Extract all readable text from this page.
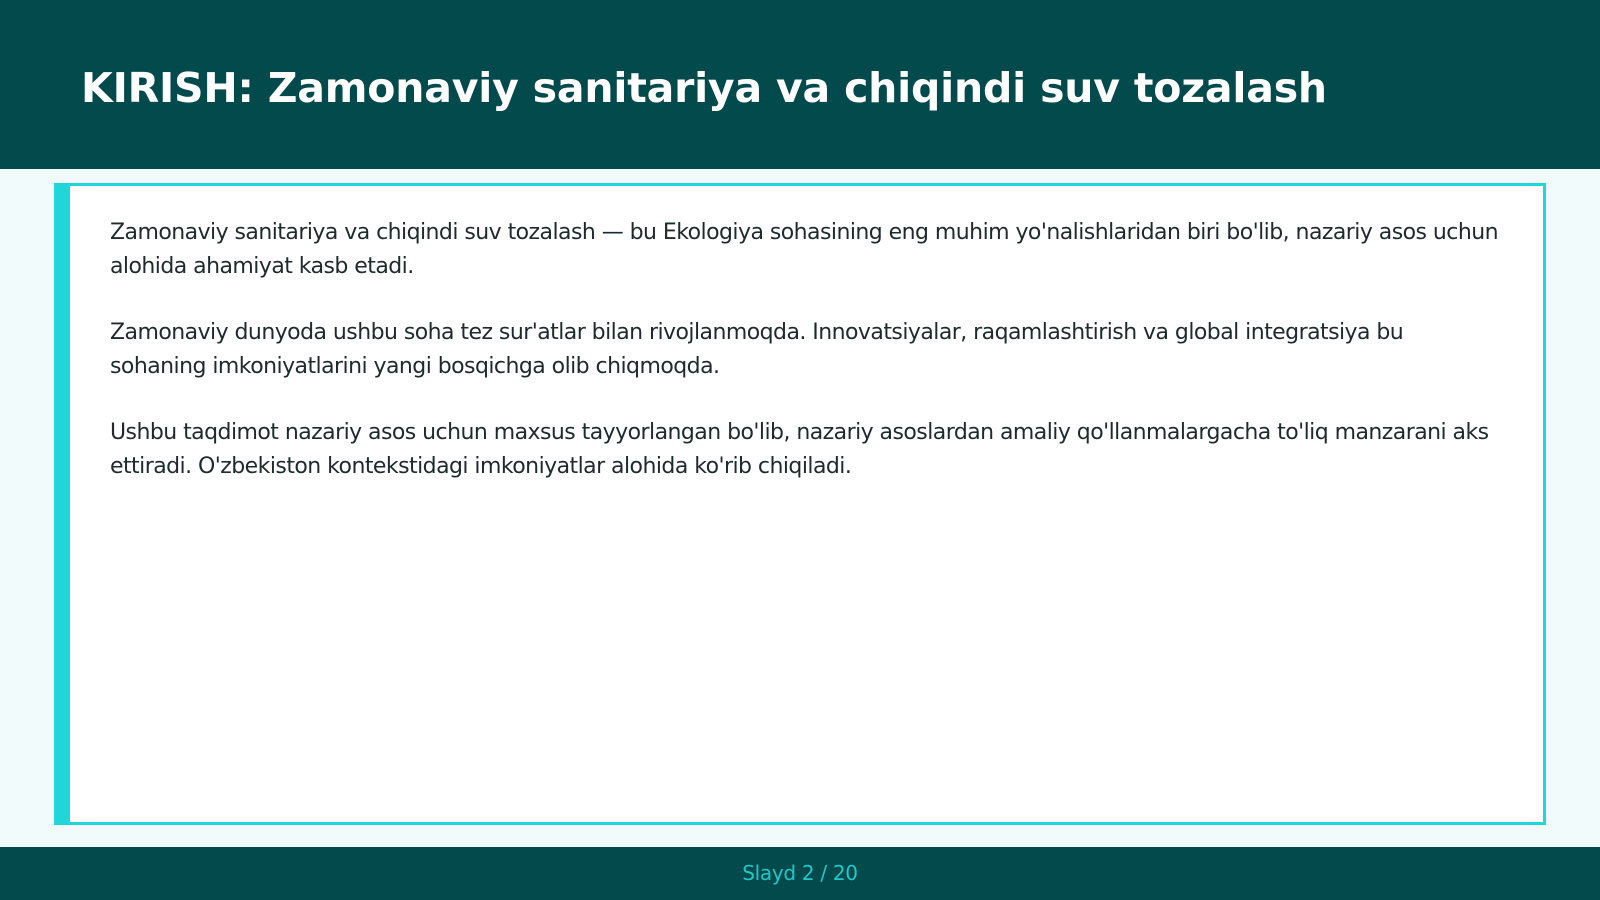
KIRISH: Zamonaviy sanitariya va chiqindi suv tozalash

Zamonaviy sanitariya va chiqindi suv tozalash — bu Ekologiya sohasining eng muhim yo'nalishlaridan biri bo'lib, nazariy asos uchun alohida ahamiyat kasb etadi.

Zamonaviy dunyoda ushbu soha tez sur'atlar bilan rivojlanmoqda. Innovatsiyalar, raqamlashtirish va global integratsiya bu sohaning imkoniyatlarini yangi bosqichga olib chiqmoqda.

Ushbu taqdimot nazariy asos uchun maxsus tayyorlangan bo'lib, nazariy asoslardan amaliy qo'llanmalargacha to'liq manzarani aks ettiradi. O'zbekiston kontekstidagi imkoniyatlar alohida ko'rib chiqiladi.

Slayd 2 / 20
